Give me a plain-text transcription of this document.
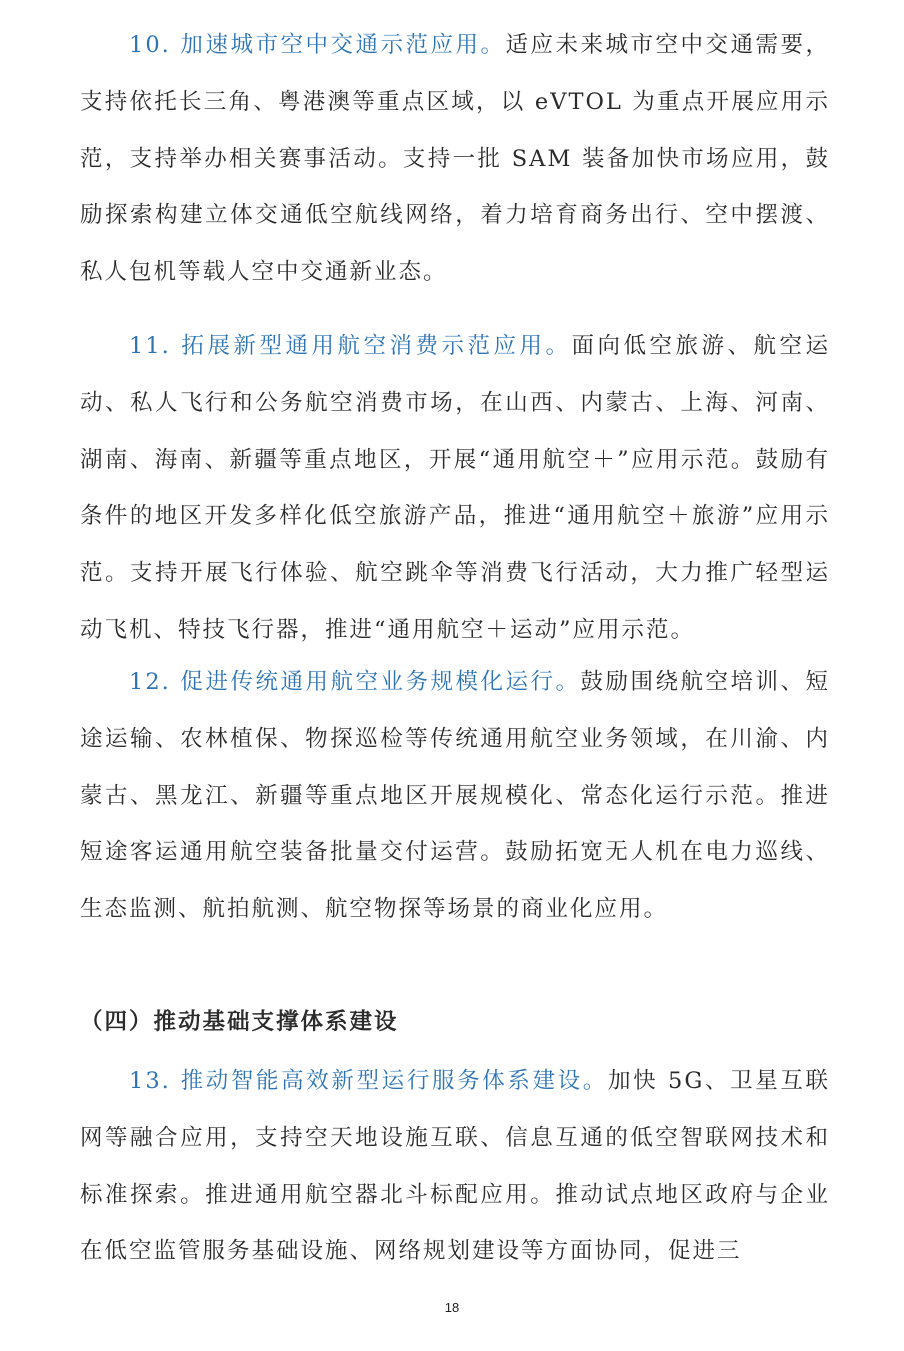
10. 加速城市空中交通示范应用。适应未来城市空中交通需要，支持依托长三角、粤港澳等重点区域，以 eVTOL 为重点开展应用示范，支持举办相关赛事活动。支持一批 SAM 装备加快市场应用，鼓励探索构建立体交通低空航线网络，着力培育商务出行、空中摆渡、私人包机等载人空中交通新业态。

11. 拓展新型通用航空消费示范应用。面向低空旅游、航空运动、私人飞行和公务航空消费市场，在山西、内蒙古、上海、河南、湖南、海南、新疆等重点地区，开展“通用航空＋”应用示范。鼓励有条件的地区开发多样化低空旅游产品，推进“通用航空＋旅游”应用示范。支持开展飞行体验、航空跳伞等消费飞行活动，大力推广轻型运动飞机、特技飞行器，推进“通用航空＋运动”应用示范。

12. 促进传统通用航空业务规模化运行。鼓励围绕航空培训、短途运输、农林植保、物探巡检等传统通用航空业务领域，在川渝、内蒙古、黑龙江、新疆等重点地区开展规模化、常态化运行示范。推进短途客运通用航空装备批量交付运营。鼓励拓宽无人机在电力巡线、生态监测、航拍航测、航空物探等场景的商业化应用。

（四）推动基础支撑体系建设

13. 推动智能高效新型运行服务体系建设。加快 5G、卫星互联网等融合应用，支持空天地设施互联、信息互通的低空智联网技术和标准探索。推进通用航空器北斗标配应用。推动试点地区政府与企业在低空监管服务基础设施、网络规划建设等方面协同，促进三

18
